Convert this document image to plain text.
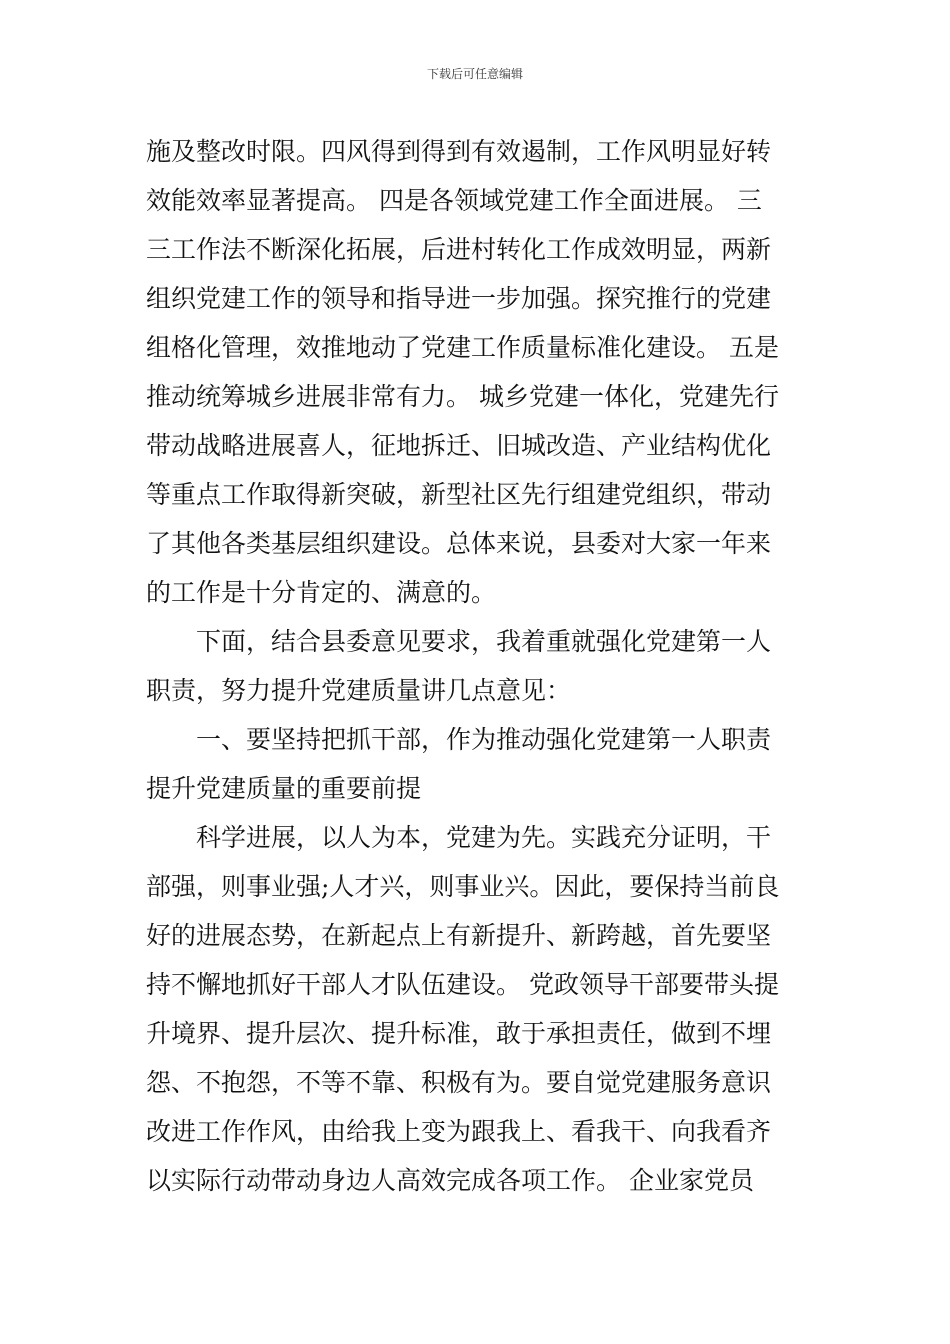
下载后可任意编辑
施及整改时限。四风得到得到有效遏制，工作风明显好转
效能效率显著提高。 四是各领域党建工作全面进展。 三
三工作法不断深化拓展，后进村转化工作成效明显，两新
组织党建工作的领导和指导进一步加强。探究推行的党建
组格化管理，效推地动了党建工作质量标准化建设。 五是
推动统筹城乡进展非常有力。 城乡党建一体化，党建先行
带动战略进展喜人，征地拆迁、旧城改造、产业结构优化
等重点工作取得新突破，新型社区先行组建党组织，带动
了其他各类基层组织建设。总体来说，县委对大家一年来
的工作是十分肯定的、满意的。
下面，结合县委意见要求，我着重就强化党建第一人
职责，努力提升党建质量讲几点意见：
一、要坚持把抓干部，作为推动强化党建第一人职责
提升党建质量的重要前提
科学进展，以人为本，党建为先。实践充分证明，干
部强，则事业强;人才兴，则事业兴。因此，要保持当前良
好的进展态势，在新起点上有新提升、新跨越，首先要坚
持不懈地抓好干部人才队伍建设。 党政领导干部要带头提
升境界、提升层次、提升标准，敢于承担责任，做到不埋
怨、不抱怨，不等不靠、积极有为。要自觉党建服务意识
改进工作作风，由给我上变为跟我上、看我干、向我看齐
以实际行动带动身边人高效完成各项工作。 企业家党员
